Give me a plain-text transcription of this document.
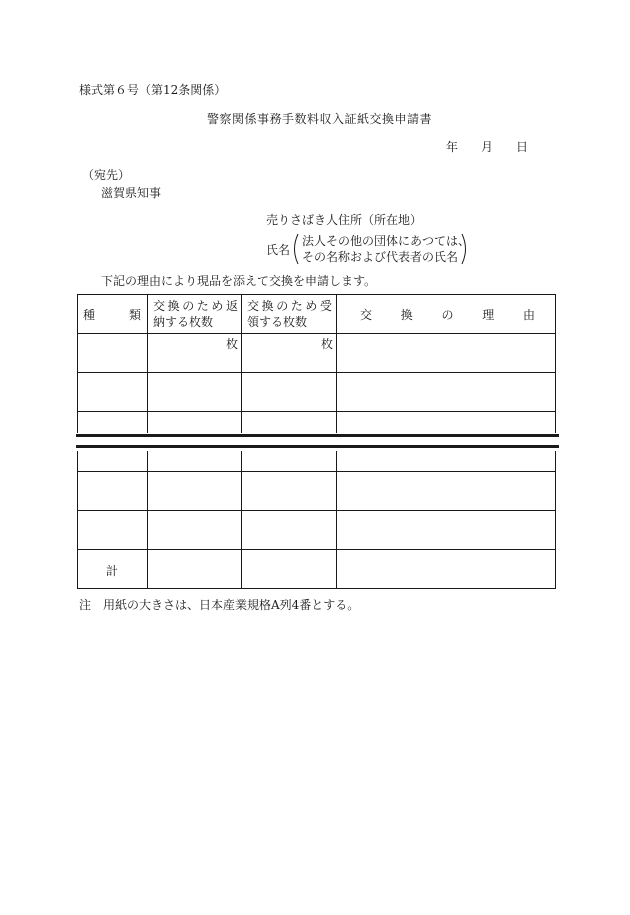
様式第６号（第12条関係）
警察関係事務手数料収入証紙交換申請書
年 月 日
（宛先）
滋賀県知事
売りさばき人住所（所在地）
氏名
法人その他の団体にあつては、
その名称および代表者の氏名
下記の理由により現品を添えて交換を申請します。
種　　類
交換のため返
納する枚数
交換のため受
領する枚数	交　　換　　の　　理　　由
枚	枚
計
注　用紙の大きさは、日本産業規格A列4番とする。
